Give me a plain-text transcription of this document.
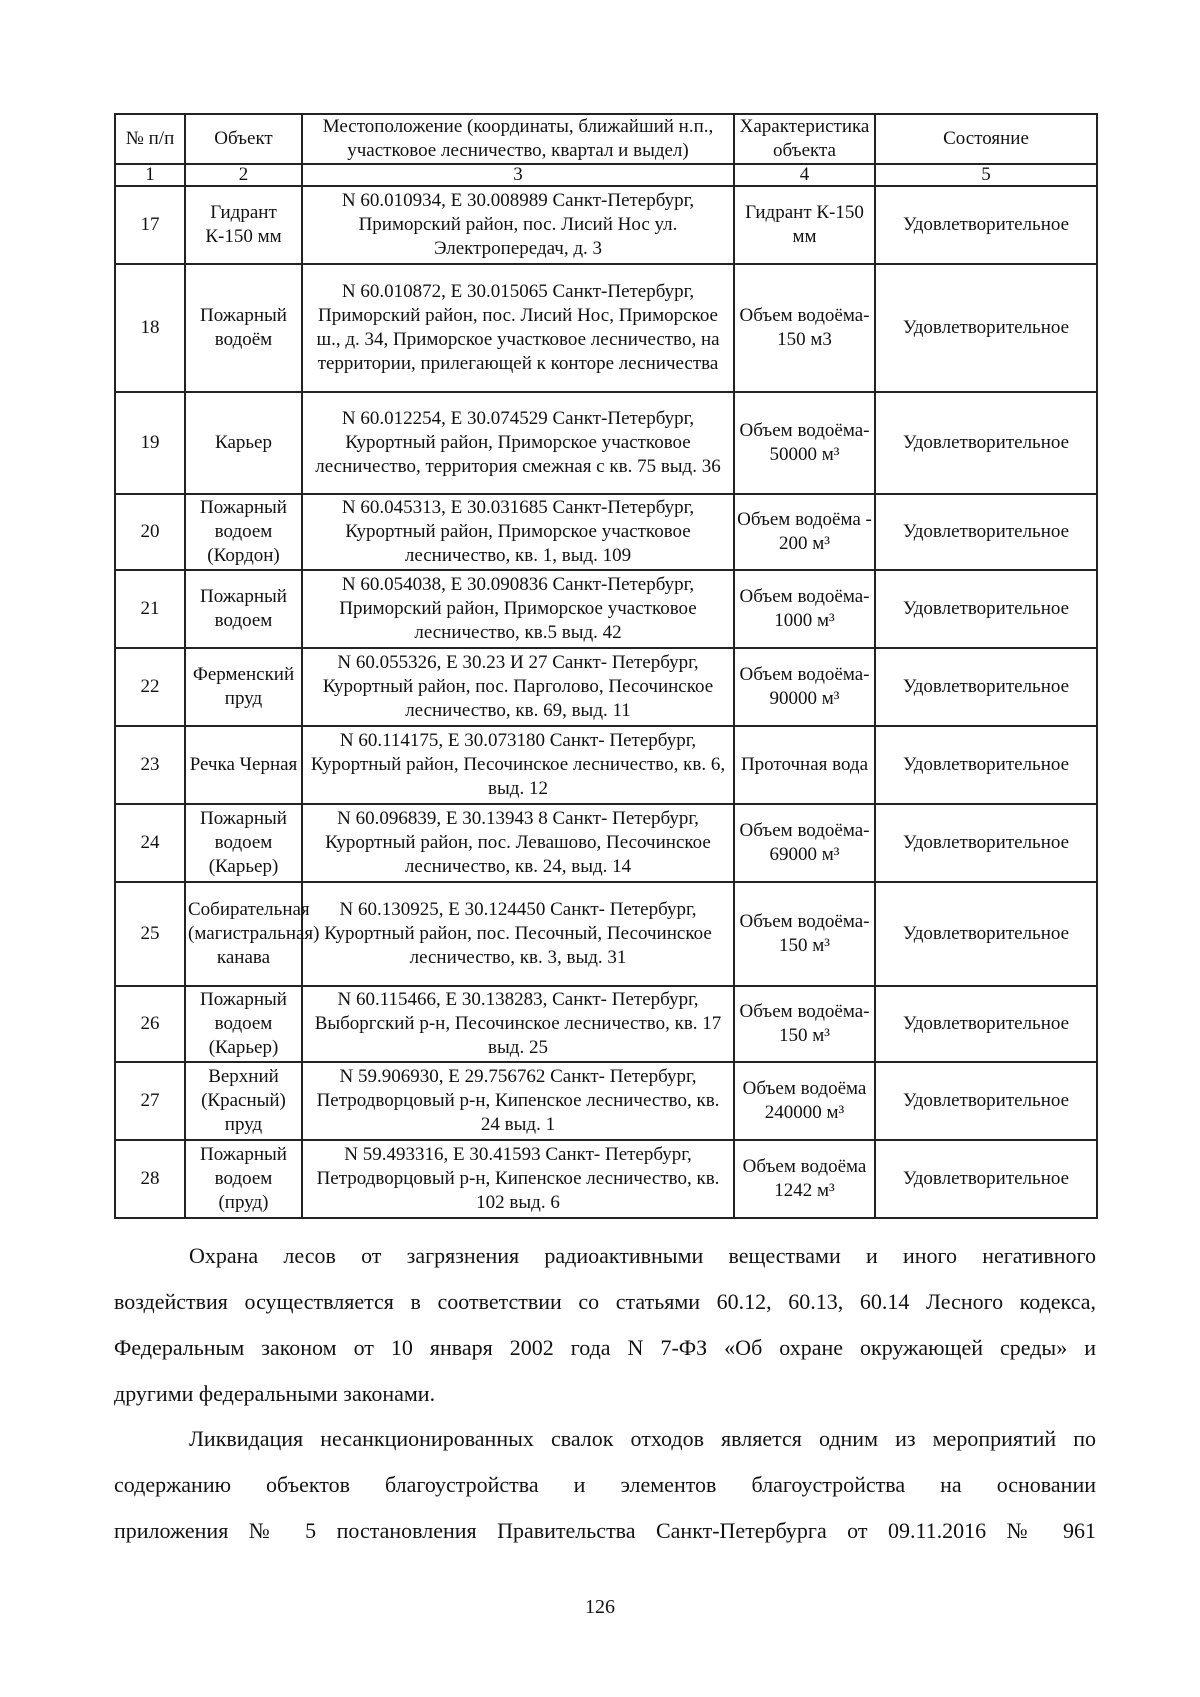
№ п/п	Объект	Местоположение (координаты, ближайший н.п., участковое лесничество, квартал и выдел)	Характеристика объекта	Состояние
1	2	3	4	5
17	Гидрант К-150 мм	N 60.010934, E 30.008989 Санкт-Петербург, Приморский район, пос. Лисий Нос ул. Электропередач, д. 3	Гидрант К-150 мм	Удовлетворительное
18	Пожарный водоём	N 60.010872, E 30.015065 Санкт-Петербург, Приморский район, пос. Лисий Нос, Приморское ш., д. 34, Приморское участковое лесничество, на территории, прилегающей к конторе лесничества	Объем водоёма- 150 м3	Удовлетворительное
19	Карьер	N 60.012254, E 30.074529 Санкт-Петербург, Курортный район, Приморское участковое лесничество, территория смежная с кв. 75 выд. 36	Объем водоёма- 50000 м³	Удовлетворительное
20	Пожарный водоем (Кордон)	N 60.045313, E 30.031685 Санкт-Петербург, Курортный район, Приморское участковое лесничество, кв. 1, выд. 109	Объем водоёма - 200 м³	Удовлетворительное
21	Пожарный водоем	N 60.054038, E 30.090836 Санкт-Петербург, Приморский район, Приморское участковое лесничество, кв.5 выд. 42	Объем водоёма- 1000 м³	Удовлетворительное
22	Ферменский пруд	N 60.055326, E 30.23 И 27 Санкт- Петербург, Курортный район, пос. Парголово, Песочинское лесничество, кв. 69, выд. 11	Объем водоёма- 90000 м³	Удовлетворительное
23	Речка Черная	N 60.114175, E 30.073180 Санкт- Петербург, Курортный район, Песочинское лесничество, кв. 6, выд. 12	Проточная вода	Удовлетворительное
24	Пожарный водоем (Карьер)	N 60.096839, E 30.13943 8 Санкт- Петербург, Курортный район, пос. Левашово, Песочинское лесничество, кв. 24, выд. 14	Объем водоёма- 69000 м³	Удовлетворительное
25	Собирательная (магистральная) канава	N 60.130925, E 30.124450 Санкт- Петербург, Курортный район, пос. Песочный, Песочинское лесничество, кв. 3, выд. 31	Объем водоёма- 150 м³	Удовлетворительное
26	Пожарный водоем (Карьер)	N 60.115466, E 30.138283, Санкт- Петербург, Выборгский р-н, Песочинское лесничество, кв. 17 выд. 25	Объем водоёма- 150 м³	Удовлетворительное
27	Верхний (Красный) пруд	N 59.906930, E 29.756762 Санкт- Петербург, Петродворцовый р-н, Кипенское лесничество, кв. 24 выд. 1	Объем водоёма 240000 м³	Удовлетворительное
28	Пожарный водоем (пруд)	N 59.493316, E 30.41593 Санкт- Петербург, Петродворцовый р-н, Кипенское лесничество, кв. 102 выд. 6	Объем водоёма 1242 м³	Удовлетворительное
Охрана лесов от загрязнения радиоактивными веществами и иного негативного
воздействия осуществляется в соответствии со статьями 60.12, 60.13, 60.14 Лесного кодекса,
Федеральным законом от 10 января 2002 года N 7-ФЗ «Об охране окружающей среды» и
другими федеральными законами.
Ликвидация несанкционированных свалок отходов является одним из мероприятий по
содержанию объектов благоустройства и элементов благоустройства на основании
приложения № 5 постановления Правительства Санкт-Петербурга от 09.11.2016 № 961
126
